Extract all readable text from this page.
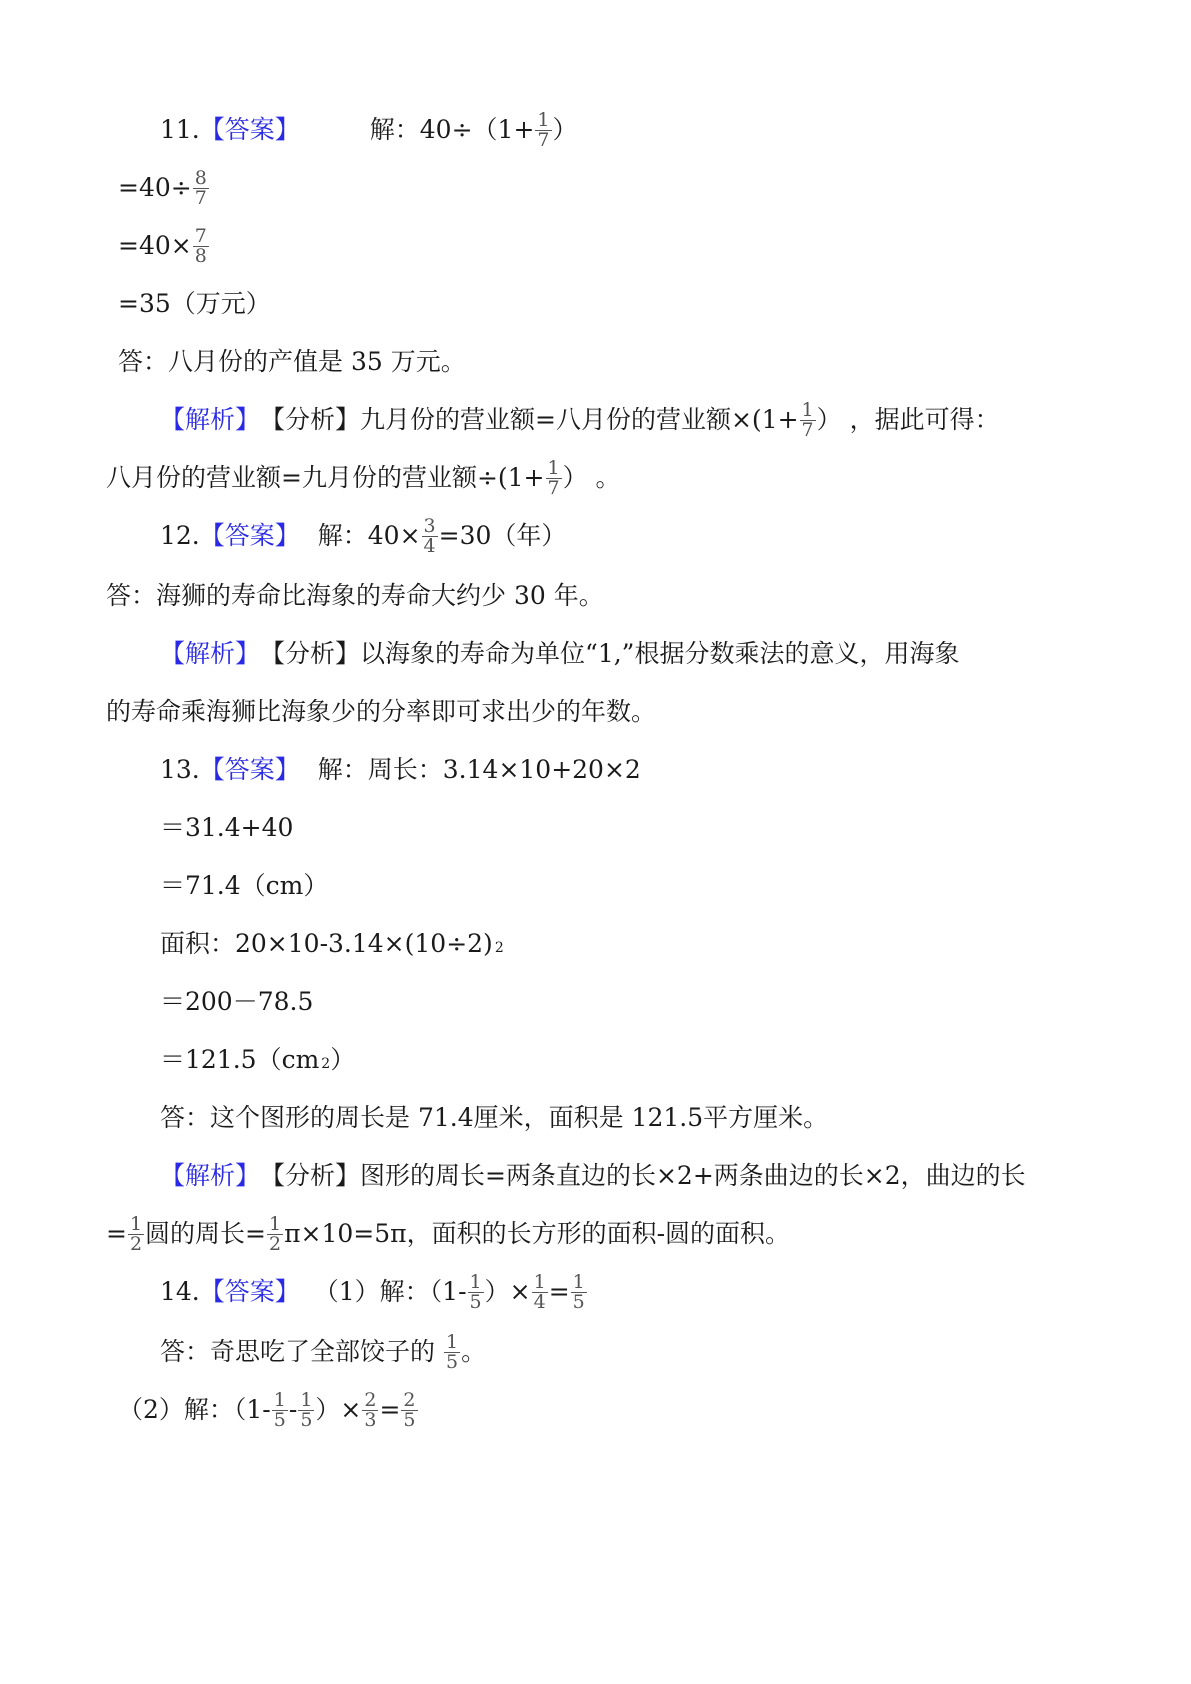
11. 【答案】	解：$40\div(1+ \frac{1}{7}$ ）
$=40\div \frac{8}{7}$
$=40\times \frac{7}{8}$
=35（万元）
答：八月份的产值是 35 万元。
【解析】 【分析】 九月份的营业额=八月份的营业额$\times(1+ \frac{1}{7}$ ） ，据此可得：
八月份的营业额=九月份的营业额$\div(1+ \frac{1}{7}$ ） 。
12. 【答案】 解：$40\times \frac{3}{4} =30$（年）
答：海狮的寿命比海象的寿命大约少 30 年。
【解析】 【分析】 以海象的寿命为单位“1,”根据分数乘法的意义，用海象
的寿命乘海狮比海象少的分率即可求出少的年数。
13. 【答案】 解：周长：3.14×10+20×2
＝31.4+40
＝71.4（cm）
面积：20×10-3.14×(10÷2) 2
＝200－78.5
＝121.5（cm 2 ）
答：这个图形的周长是 71.4厘米，面积是 121.5平方厘米。
【解析】 【分析】 图形的周长=两条直边的长×2+两条曲边的长×2，曲边的长
= $\frac{1}{2}$ 圆的周长= $\frac{1}{2} \pi\times 10=5\pi$，面积的长方形的面积-圆的面积。
14. 【答案】 （1）解：（$1- \frac{1}{5}$ ）× $\frac{1}{4} = \frac{1}{5}$
答：奇思吃了全部饺子的 $\frac{1}{5}$ 。
（2）解：（$1- \frac{1}{5} - \frac{1}{5}$ ）× $\frac{2}{3} = \frac{2}{5}$
